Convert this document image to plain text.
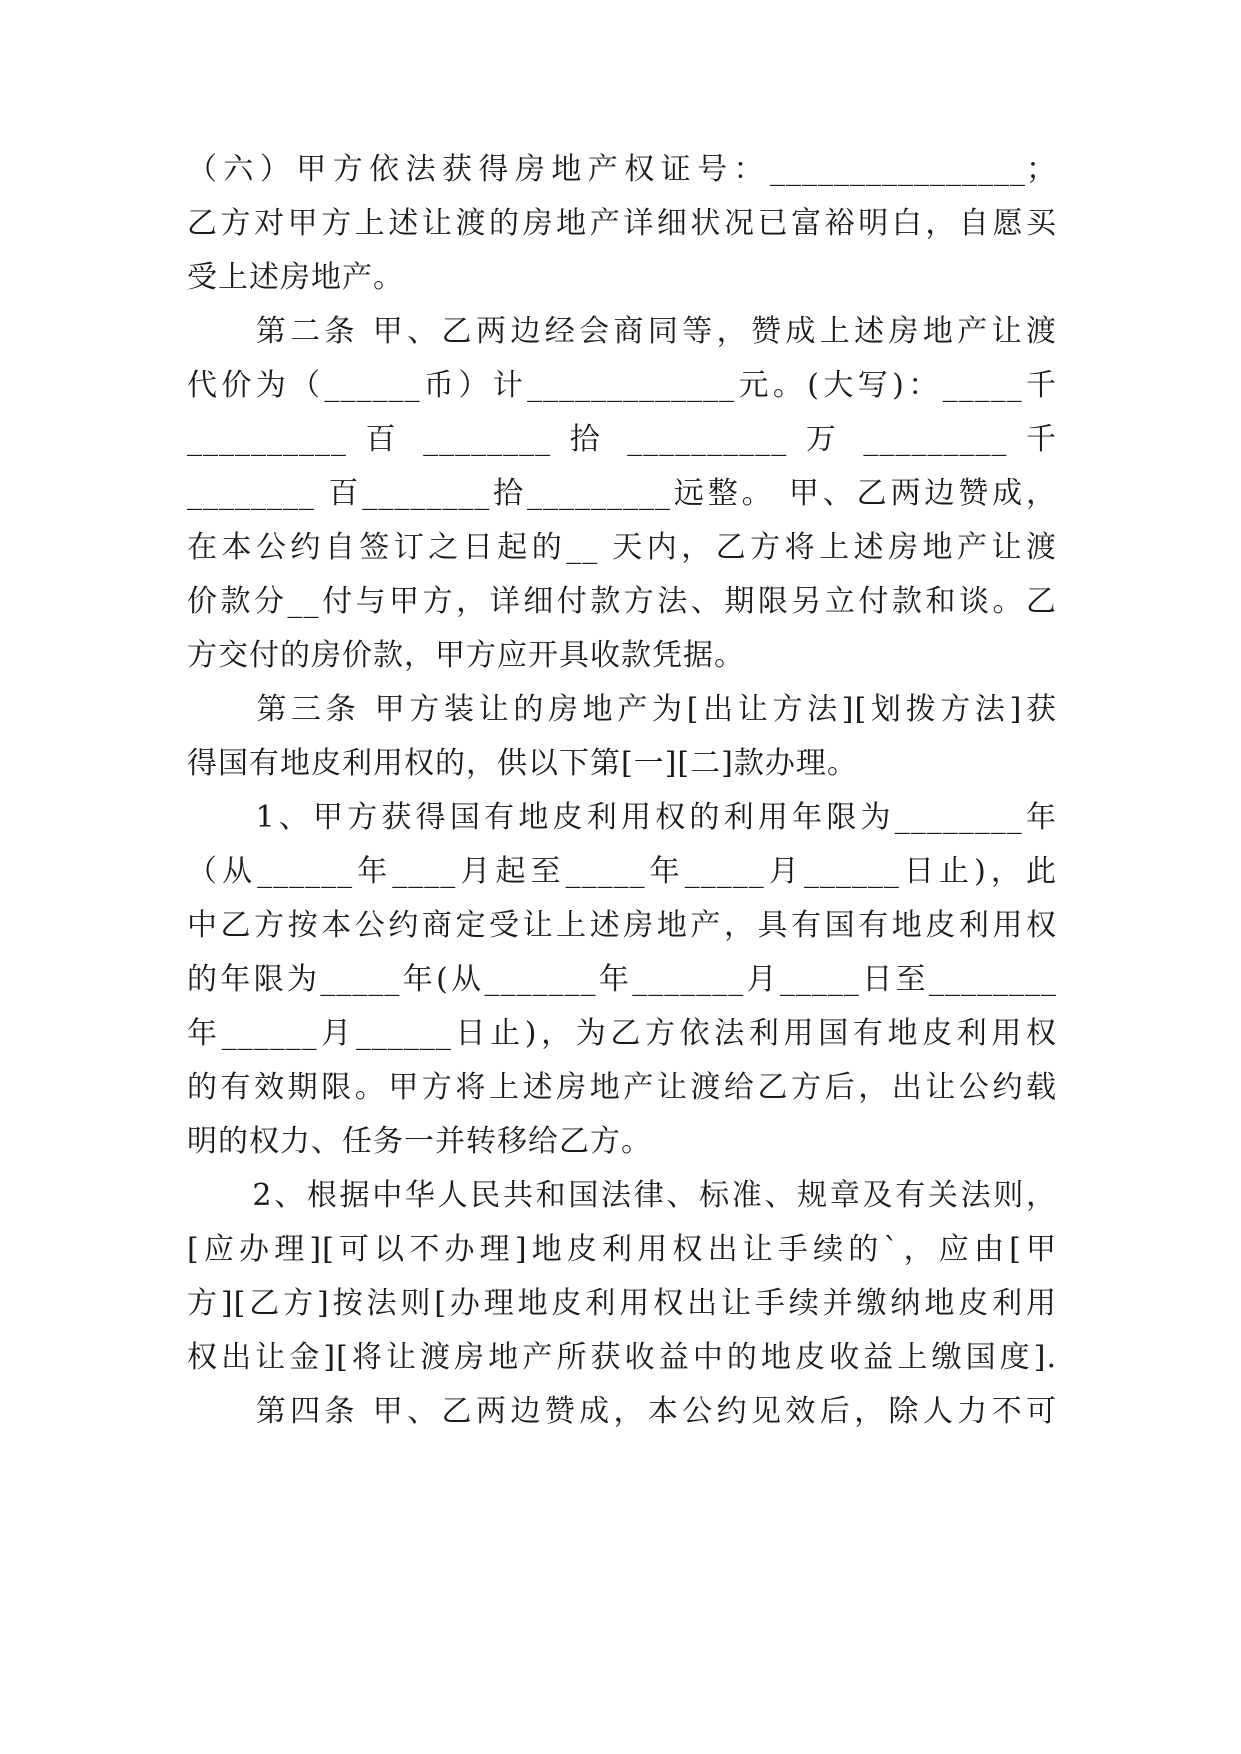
（六）甲方依法获得房地产权证号：________________；
乙方对甲方上述让渡的房地产详细状况已富裕明白，自愿买
受上述房地产。
　　第二条 甲、乙两边经会商同等，赞成上述房地产让渡
代价为（______币）计_____________元。(大写)：_____千
__________ 百 ________ 拾 __________ 万 _________ 千
________ 百________拾_________远整。 甲、乙两边赞成，
在本公约自签订之日起的__ 天内，乙方将上述房地产让渡
价款分__付与甲方，详细付款方法、期限另立付款和谈。乙
方交付的房价款，甲方应开具收款凭据。
　　第三条 甲方装让的房地产为[出让方法][划拨方法]获
得国有地皮利用权的，供以下第[一][二]款办理。
　　1、甲方获得国有地皮利用权的利用年限为________年
（从______年____月起至_____年_____月______日止)，此
中乙方按本公约商定受让上述房地产，具有国有地皮利用权
的年限为_____年(从_______年_______月_____日至________
年______月______日止)，为乙方依法利用国有地皮利用权
的有效期限。甲方将上述房地产让渡给乙方后，出让公约载
明的权力、任务一并转移给乙方。
　　2、根据中华人民共和国法律、标准、规章及有关法则，
[应办理][可以不办理]地皮利用权出让手续的`，应由[甲
方][乙方]按法则[办理地皮利用权出让手续并缴纳地皮利用
权出让金][将让渡房地产所获收益中的地皮收益上缴国度].
　　第四条 甲、乙两边赞成，本公约见效后，除人力不可
